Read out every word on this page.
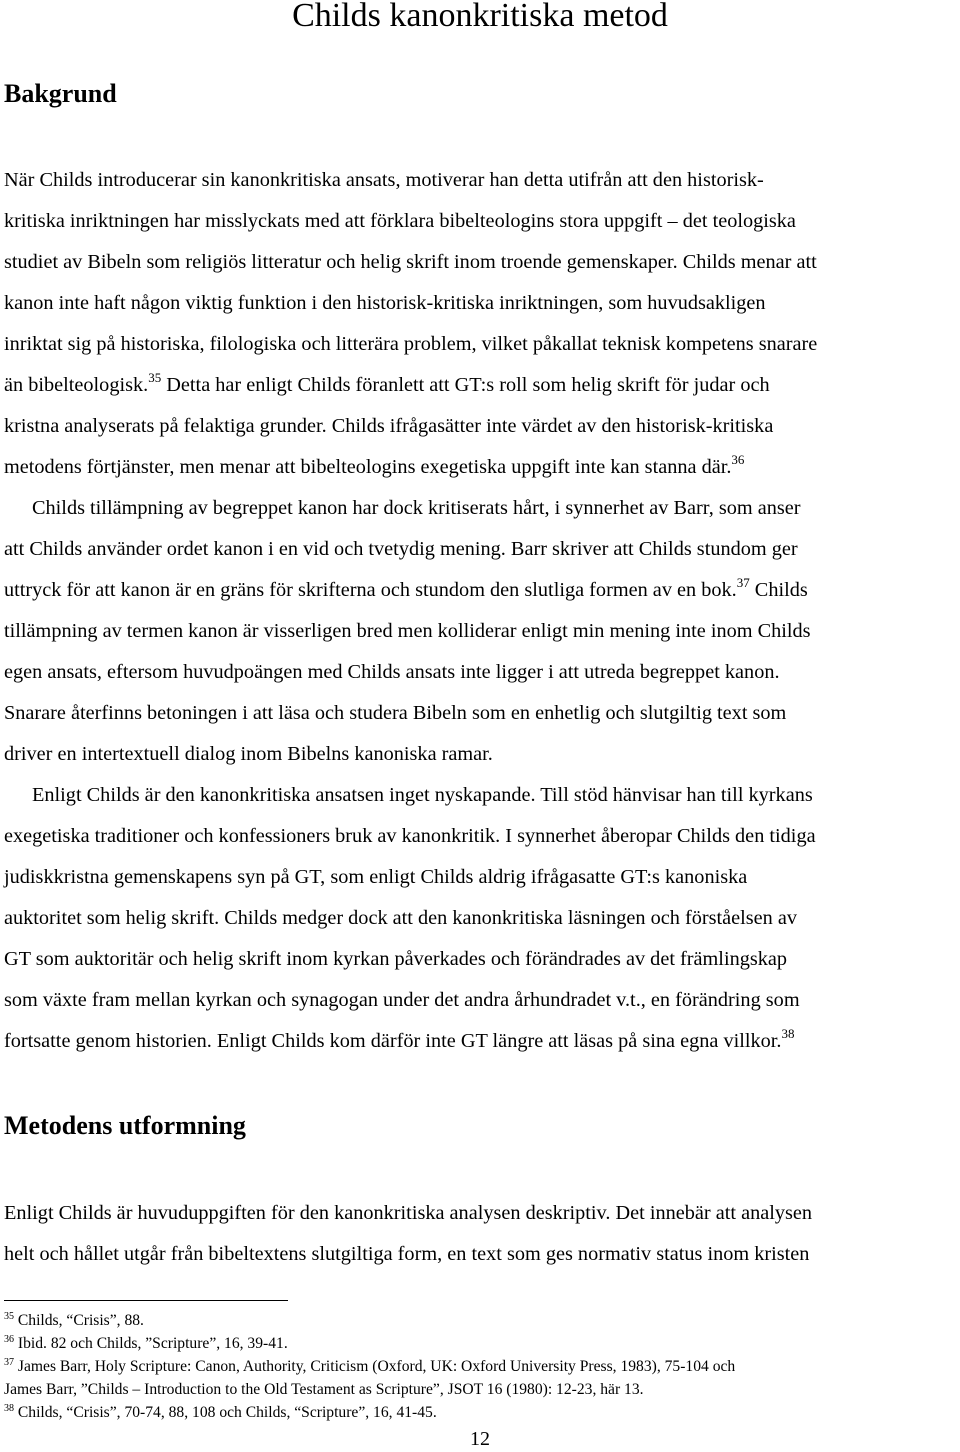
Childs kanonkritiska metod
Bakgrund
När Childs introducerar sin kanonkritiska ansats, motiverar han detta utifrån att den historisk-
kritiska inriktningen har misslyckats med att förklara bibelteologins stora uppgift – det teologiska
studiet av Bibeln som religiös litteratur och helig skrift inom troende gemenskaper. Childs menar att
kanon inte haft någon viktig funktion i den historisk-kritiska inriktningen, som huvudsakligen
inriktat sig på historiska, filologiska och litterära problem, vilket påkallat teknisk kompetens snarare
än bibelteologisk.$^{35}$ Detta har enligt Childs föranlett att GT:s roll som helig skrift för judar och
kristna analyserats på felaktiga grunder. Childs ifrågasätter inte värdet av den historisk-kritiska
metodens förtjänster, men menar att bibelteologins exegetiska uppgift inte kan stanna där.$^{36}$
Childs tillämpning av begreppet kanon har dock kritiserats hårt, i synnerhet av Barr, som anser
att Childs använder ordet kanon i en vid och tvetydig mening. Barr skriver att Childs stundom ger
uttryck för att kanon är en gräns för skrifterna och stundom den slutliga formen av en bok.$^{37}$ Childs
tillämpning av termen kanon är visserligen bred men kolliderar enligt min mening inte inom Childs
egen ansats, eftersom huvudpoängen med Childs ansats inte ligger i att utreda begreppet kanon.
Snarare återfinns betoningen i att läsa och studera Bibeln som en enhetlig och slutgiltig text som
driver en intertextuell dialog inom Bibelns kanoniska ramar.
Enligt Childs är den kanonkritiska ansatsen inget nyskapande. Till stöd hänvisar han till kyrkans
exegetiska traditioner och konfessioners bruk av kanonkritik. I synnerhet åberopar Childs den tidiga
judiskkristna gemenskapens syn på GT, som enligt Childs aldrig ifrågasatte GT:s kanoniska
auktoritet som helig skrift. Childs medger dock att den kanonkritiska läsningen och förståelsen av
GT som auktoritär och helig skrift inom kyrkan påverkades och förändrades av det främlingskap
som växte fram mellan kyrkan och synagogan under det andra århundradet v.t., en förändring som
fortsatte genom historien. Enligt Childs kom därför inte GT längre att läsas på sina egna villkor.$^{38}$
Metodens utformning
Enligt Childs är huvuduppgiften för den kanonkritiska analysen deskriptiv. Det innebär att analysen
helt och hållet utgår från bibeltextens slutgiltiga form, en text som ges normativ status inom kristen
$^{35}$ Childs, “Crisis”, 88.
$^{36}$ Ibid. 82 och Childs, ”Scripture”, 16, 39-41.
$^{37}$ James Barr, Holy Scripture: Canon, Authority, Criticism (Oxford, UK: Oxford University Press, 1983), 75-104 och
James Barr, ”Childs – Introduction to the Old Testament as Scripture”, JSOT 16 (1980): 12-23, här 13.
$^{38}$ Childs, “Crisis”, 70-74, 88, 108 och Childs, “Scripture”, 16, 41-45.
12
